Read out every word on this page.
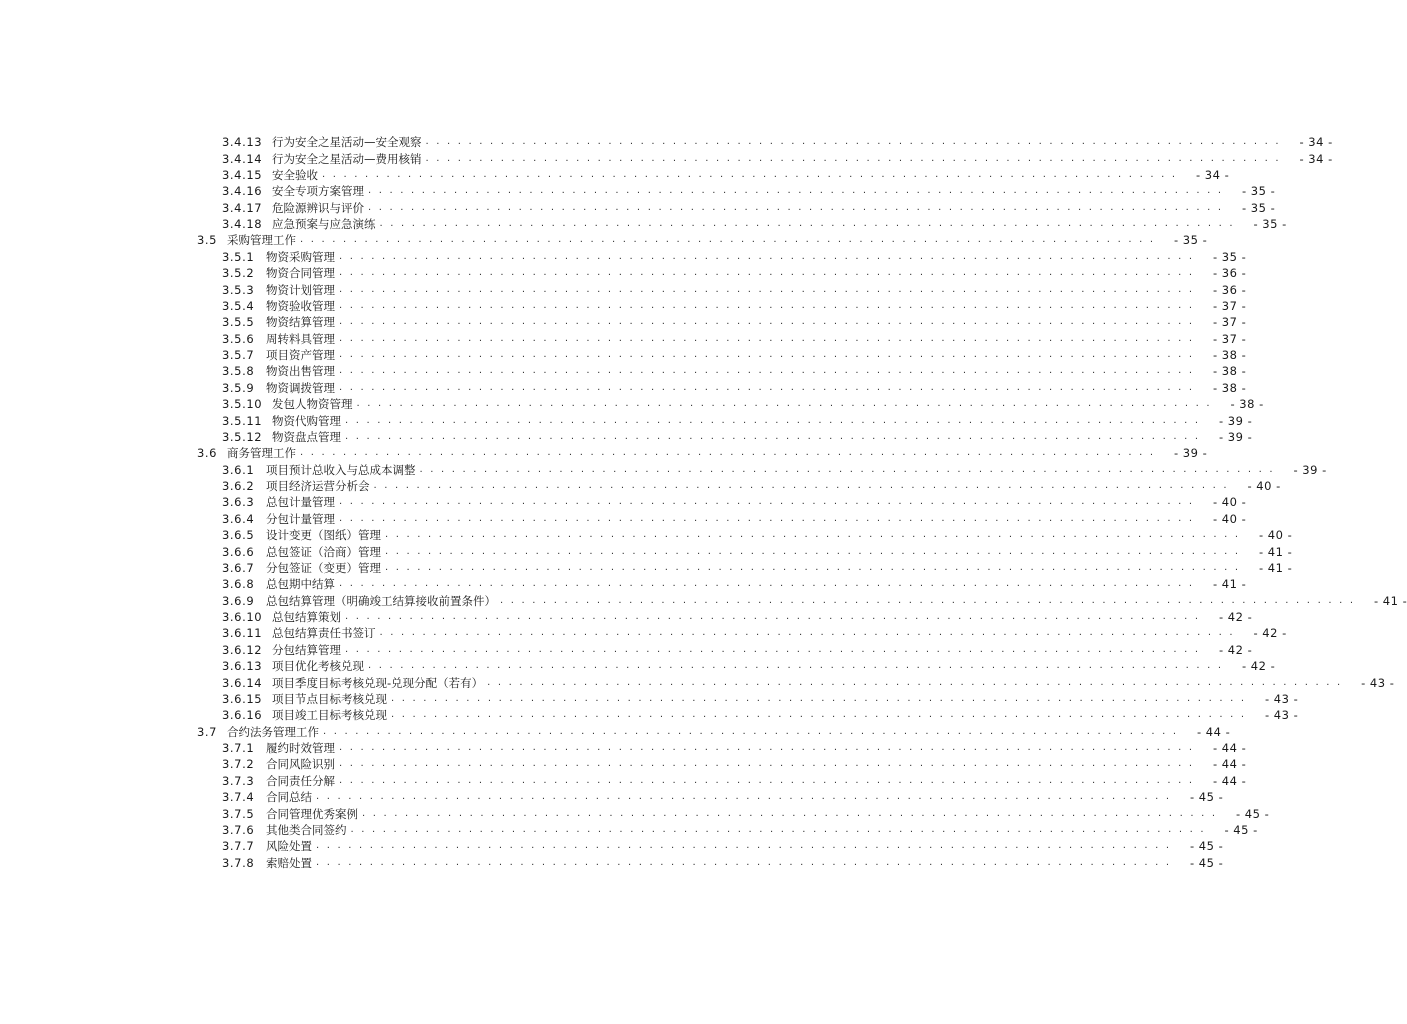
3.4.13 行为安全之星活动—安全观察 . . . . . . . . . . . . . . . . . . . . . . . . . . . . . . . . . . . . . . . . . . . . . . . . . . . . . . . . . . . . . . . . . . . . . . . . . . . . . . . .	- 34 -
3.4.14 行为安全之星活动—费用核销 . . . . . . . . . . . . . . . . . . . . . . . . . . . . . . . . . . . . . . . . . . . . . . . . . . . . . . . . . . . . . . . . . . . . . . . . . . . . . . . .	- 34 -
3.4.15 安全验收 . . . . . . . . . . . . . . . . . . . . . . . . . . . . . . . . . . . . . . . . . . . . . . . . . . . . . . . . . . . . . . . . . . . . . . . . . . . . . . . .	- 34 -
3.4.16 安全专项方案管理 . . . . . . . . . . . . . . . . . . . . . . . . . . . . . . . . . . . . . . . . . . . . . . . . . . . . . . . . . . . . . . . . . . . . . . . . . . . . . . . .	- 35 -
3.4.17 危险源辨识与评价 . . . . . . . . . . . . . . . . . . . . . . . . . . . . . . . . . . . . . . . . . . . . . . . . . . . . . . . . . . . . . . . . . . . . . . . . . . . . . . . .	- 35 -
3.4.18 应急预案与应急演练 . . . . . . . . . . . . . . . . . . . . . . . . . . . . . . . . . . . . . . . . . . . . . . . . . . . . . . . . . . . . . . . . . . . . . . . . . . . . . . . .	- 35 -
3.5 采购管理工作 . . . . . . . . . . . . . . . . . . . . . . . . . . . . . . . . . . . . . . . . . . . . . . . . . . . . . . . . . . . . . . . . . . . . . . . . . . . . . . . .	- 35 -
3.5.1	物资采购管理 . . . . . . . . . . . . . . . . . . . . . . . . . . . . . . . . . . . . . . . . . . . . . . . . . . . . . . . . . . . . . . . . . . . . . . . . . . . . . . . .	- 35 -
3.5.2	物资合同管理 . . . . . . . . . . . . . . . . . . . . . . . . . . . . . . . . . . . . . . . . . . . . . . . . . . . . . . . . . . . . . . . . . . . . . . . . . . . . . . . .	- 36 -
3.5.3	物资计划管理 . . . . . . . . . . . . . . . . . . . . . . . . . . . . . . . . . . . . . . . . . . . . . . . . . . . . . . . . . . . . . . . . . . . . . . . . . . . . . . . .	- 36 -
3.5.4	物资验收管理 . . . . . . . . . . . . . . . . . . . . . . . . . . . . . . . . . . . . . . . . . . . . . . . . . . . . . . . . . . . . . . . . . . . . . . . . . . . . . . . .	- 37 -
3.5.5	物资结算管理 . . . . . . . . . . . . . . . . . . . . . . . . . . . . . . . . . . . . . . . . . . . . . . . . . . . . . . . . . . . . . . . . . . . . . . . . . . . . . . . .	- 37 -
3.5.6	周转料具管理 . . . . . . . . . . . . . . . . . . . . . . . . . . . . . . . . . . . . . . . . . . . . . . . . . . . . . . . . . . . . . . . . . . . . . . . . . . . . . . . .	- 37 -
3.5.7	项目资产管理 . . . . . . . . . . . . . . . . . . . . . . . . . . . . . . . . . . . . . . . . . . . . . . . . . . . . . . . . . . . . . . . . . . . . . . . . . . . . . . . .	- 38 -
3.5.8	物资出售管理 . . . . . . . . . . . . . . . . . . . . . . . . . . . . . . . . . . . . . . . . . . . . . . . . . . . . . . . . . . . . . . . . . . . . . . . . . . . . . . . .	- 38 -
3.5.9	物资调拨管理 . . . . . . . . . . . . . . . . . . . . . . . . . . . . . . . . . . . . . . . . . . . . . . . . . . . . . . . . . . . . . . . . . . . . . . . . . . . . . . . .	- 38 -
3.5.10 发包人物资管理 . . . . . . . . . . . . . . . . . . . . . . . . . . . . . . . . . . . . . . . . . . . . . . . . . . . . . . . . . . . . . . . . . . . . . . . . . . . . . . . .	- 38 -
3.5.11 物资代购管理 . . . . . . . . . . . . . . . . . . . . . . . . . . . . . . . . . . . . . . . . . . . . . . . . . . . . . . . . . . . . . . . . . . . . . . . . . . . . . . . .	- 39 -
3.5.12 物资盘点管理 . . . . . . . . . . . . . . . . . . . . . . . . . . . . . . . . . . . . . . . . . . . . . . . . . . . . . . . . . . . . . . . . . . . . . . . . . . . . . . . .	- 39 -
3.6 商务管理工作 . . . . . . . . . . . . . . . . . . . . . . . . . . . . . . . . . . . . . . . . . . . . . . . . . . . . . . . . . . . . . . . . . . . . . . . . . . . . . . . .	- 39 -
3.6.1	项目预计总收入与总成本调整 . . . . . . . . . . . . . . . . . . . . . . . . . . . . . . . . . . . . . . . . . . . . . . . . . . . . . . . . . . . . . . . . . . . . . . . . . . . . . . . .	- 39 -
3.6.2	项目经济运营分析会 . . . . . . . . . . . . . . . . . . . . . . . . . . . . . . . . . . . . . . . . . . . . . . . . . . . . . . . . . . . . . . . . . . . . . . . . . . . . . . . .	- 40 -
3.6.3	总包计量管理 . . . . . . . . . . . . . . . . . . . . . . . . . . . . . . . . . . . . . . . . . . . . . . . . . . . . . . . . . . . . . . . . . . . . . . . . . . . . . . . .	- 40 -
3.6.4	分包计量管理 . . . . . . . . . . . . . . . . . . . . . . . . . . . . . . . . . . . . . . . . . . . . . . . . . . . . . . . . . . . . . . . . . . . . . . . . . . . . . . . .	- 40 -
3.6.5	设计变更（图纸）管理 . . . . . . . . . . . . . . . . . . . . . . . . . . . . . . . . . . . . . . . . . . . . . . . . . . . . . . . . . . . . . . . . . . . . . . . . . . . . . . . .	- 40 -
3.6.6	总包签证（洽商）管理 . . . . . . . . . . . . . . . . . . . . . . . . . . . . . . . . . . . . . . . . . . . . . . . . . . . . . . . . . . . . . . . . . . . . . . . . . . . . . . . .	- 41 -
3.6.7	分包签证（变更）管理 . . . . . . . . . . . . . . . . . . . . . . . . . . . . . . . . . . . . . . . . . . . . . . . . . . . . . . . . . . . . . . . . . . . . . . . . . . . . . . . .	- 41 -
3.6.8	总包期中结算 . . . . . . . . . . . . . . . . . . . . . . . . . . . . . . . . . . . . . . . . . . . . . . . . . . . . . . . . . . . . . . . . . . . . . . . . . . . . . . . .	- 41 -
3.6.9	总包结算管理（明确竣工结算接收前置条件） . . . . . . . . . . . . . . . . . . . . . . . . . . . . . . . . . . . . . . . . . . . . . . . . . . . . . . . . . . . . . . . . . . . . . . . . . . . . . . . .	- 41 -
3.6.10 总包结算策划 . . . . . . . . . . . . . . . . . . . . . . . . . . . . . . . . . . . . . . . . . . . . . . . . . . . . . . . . . . . . . . . . . . . . . . . . . . . . . . . .	- 42 -
3.6.11 总包结算责任书签订 . . . . . . . . . . . . . . . . . . . . . . . . . . . . . . . . . . . . . . . . . . . . . . . . . . . . . . . . . . . . . . . . . . . . . . . . . . . . . . . .	- 42 -
3.6.12 分包结算管理 . . . . . . . . . . . . . . . . . . . . . . . . . . . . . . . . . . . . . . . . . . . . . . . . . . . . . . . . . . . . . . . . . . . . . . . . . . . . . . . .	- 42 -
3.6.13 项目优化考核兑现 . . . . . . . . . . . . . . . . . . . . . . . . . . . . . . . . . . . . . . . . . . . . . . . . . . . . . . . . . . . . . . . . . . . . . . . . . . . . . . . .	- 42 -
3.6.14 项目季度目标考核兑现-兑现分配（若有） . . . . . . . . . . . . . . . . . . . . . . . . . . . . . . . . . . . . . . . . . . . . . . . . . . . . . . . . . . . . . . . . . . . . . . . . . . . . . . . .	- 43 -
3.6.15 项目节点目标考核兑现 . . . . . . . . . . . . . . . . . . . . . . . . . . . . . . . . . . . . . . . . . . . . . . . . . . . . . . . . . . . . . . . . . . . . . . . . . . . . . . . .	- 43 -
3.6.16 项目竣工目标考核兑现 . . . . . . . . . . . . . . . . . . . . . . . . . . . . . . . . . . . . . . . . . . . . . . . . . . . . . . . . . . . . . . . . . . . . . . . . . . . . . . . .	- 43 -
3.7 合约法务管理工作 . . . . . . . . . . . . . . . . . . . . . . . . . . . . . . . . . . . . . . . . . . . . . . . . . . . . . . . . . . . . . . . . . . . . . . . . . . . . . . . .	- 44 -
3.7.1	履约时效管理 . . . . . . . . . . . . . . . . . . . . . . . . . . . . . . . . . . . . . . . . . . . . . . . . . . . . . . . . . . . . . . . . . . . . . . . . . . . . . . . .	- 44 -
3.7.2	合同风险识别 . . . . . . . . . . . . . . . . . . . . . . . . . . . . . . . . . . . . . . . . . . . . . . . . . . . . . . . . . . . . . . . . . . . . . . . . . . . . . . . .	- 44 -
3.7.3	合同责任分解 . . . . . . . . . . . . . . . . . . . . . . . . . . . . . . . . . . . . . . . . . . . . . . . . . . . . . . . . . . . . . . . . . . . . . . . . . . . . . . . .	- 44 -
3.7.4	合同总结 . . . . . . . . . . . . . . . . . . . . . . . . . . . . . . . . . . . . . . . . . . . . . . . . . . . . . . . . . . . . . . . . . . . . . . . . . . . . . . . .	- 45 -
3.7.5	合同管理优秀案例 . . . . . . . . . . . . . . . . . . . . . . . . . . . . . . . . . . . . . . . . . . . . . . . . . . . . . . . . . . . . . . . . . . . . . . . . . . . . . . . .	- 45 -
3.7.6	其他类合同签约 . . . . . . . . . . . . . . . . . . . . . . . . . . . . . . . . . . . . . . . . . . . . . . . . . . . . . . . . . . . . . . . . . . . . . . . . . . . . . . . .	- 45 -
3.7.7	风险处置 . . . . . . . . . . . . . . . . . . . . . . . . . . . . . . . . . . . . . . . . . . . . . . . . . . . . . . . . . . . . . . . . . . . . . . . . . . . . . . . .	- 45 -
3.7.8	索赔处置 . . . . . . . . . . . . . . . . . . . . . . . . . . . . . . . . . . . . . . . . . . . . . . . . . . . . . . . . . . . . . . . . . . . . . . . . . . . . . . . .	- 45 -
